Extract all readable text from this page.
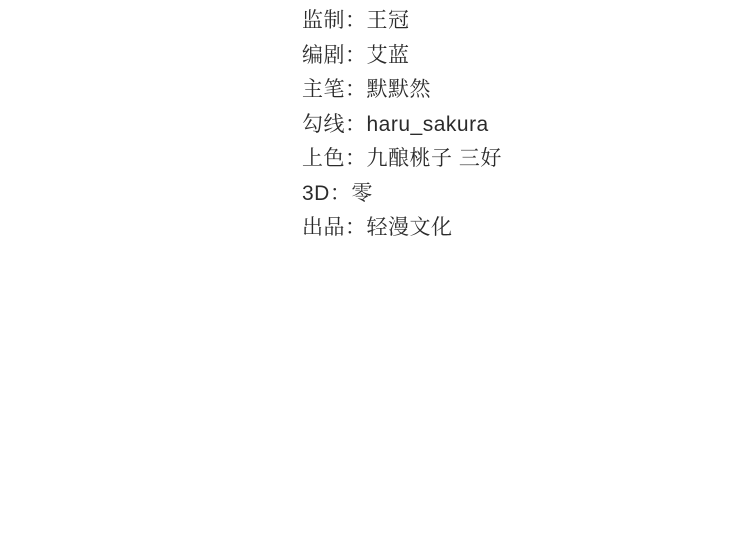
监制：王冠
编剧：艾蓝
主笔：默默然
勾线：haru_sakura
上色：九酿桃子 三好
3D：零
出品：轻漫文化
